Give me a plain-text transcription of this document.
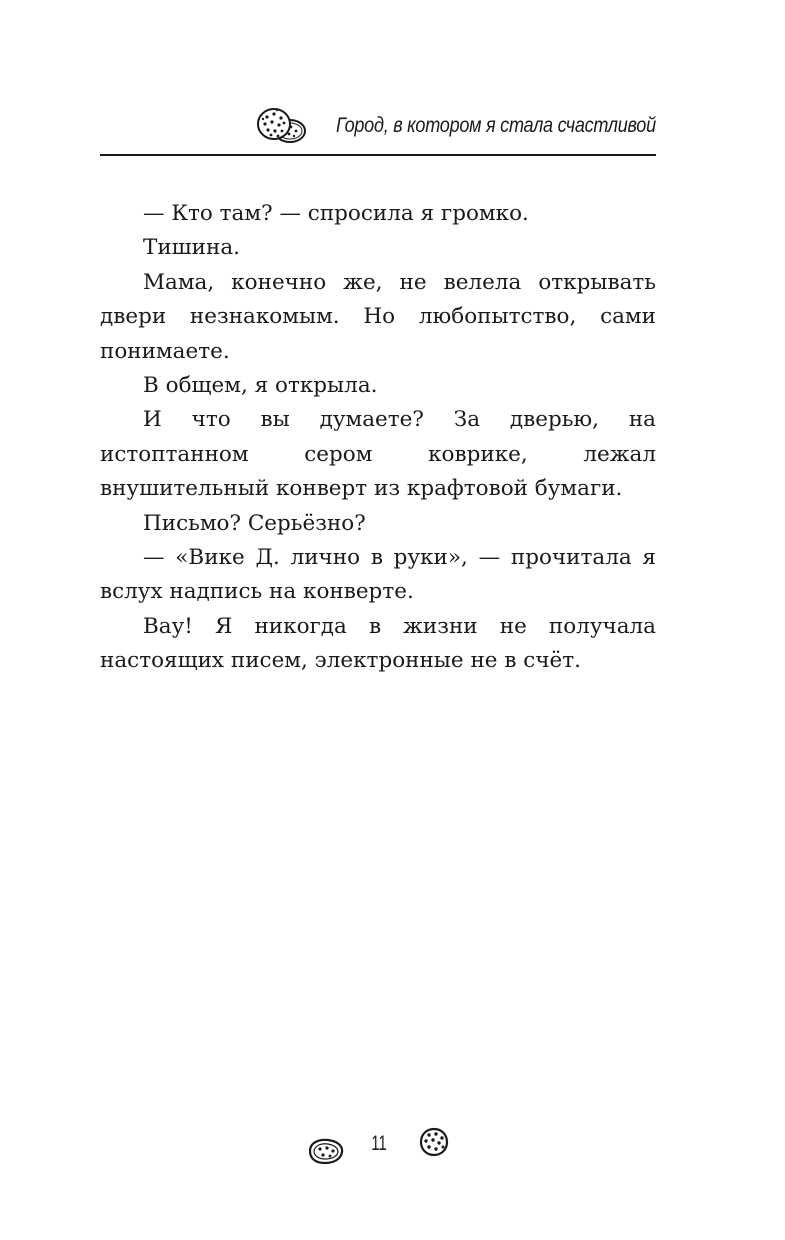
Город, в котором я стала счастливой

— Кто там? — спросила я громко.

Тишина.

Мама, конечно же, не велела открывать двери незнакомым. Но любопытство, сами понимаете.

В общем, я открыла.

И что вы думаете? За дверью, на истоптанном сером коврике, лежал внушительный конверт из крафтовой бумаги.

Письмо? Серьёзно?

— «Вике Д. лично в руки», — прочитала я вслух надпись на конверте.

Вау! Я никогда в жизни не получала настоящих писем, электронные не в счёт.

11
